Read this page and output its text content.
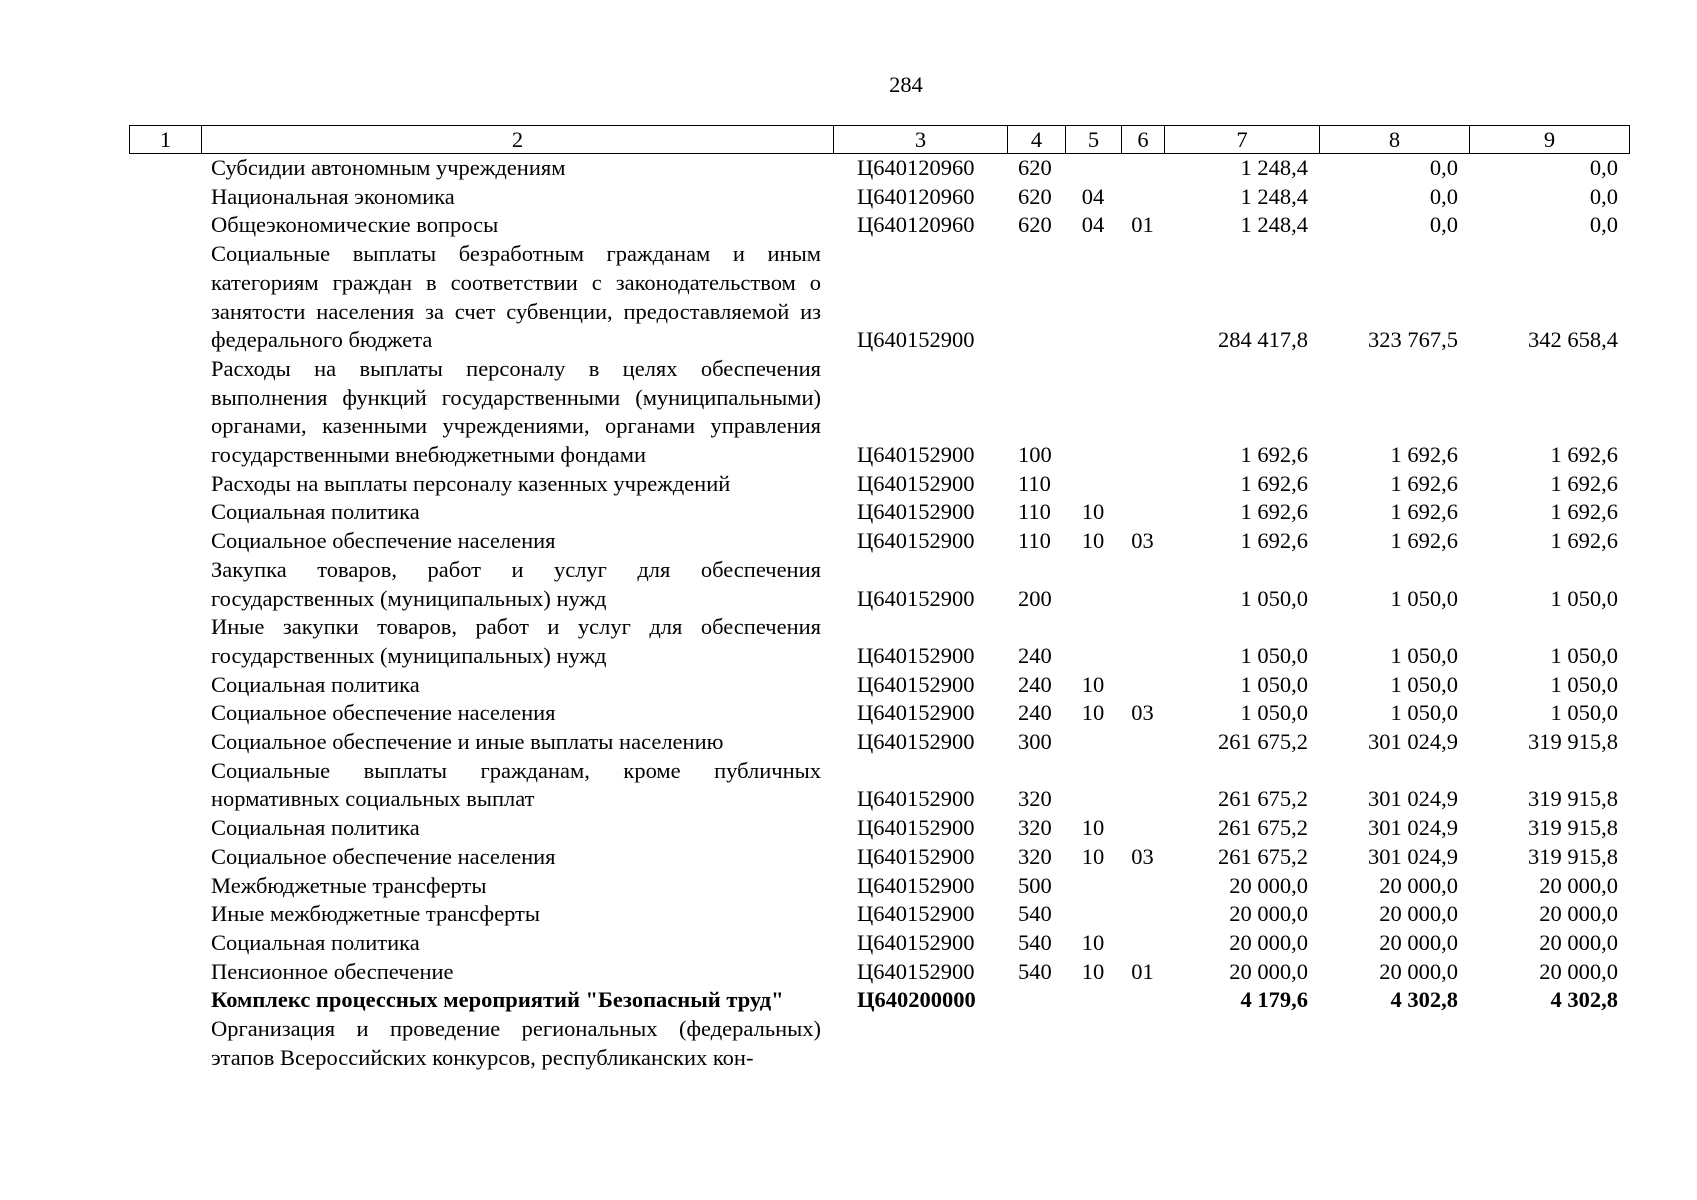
284
1	2	3	4	5	6	7	8	9
Субсидии автономным учреждениям	Ц640120960	620			1 248,4	0,0	0,0
Национальная экономика	Ц640120960	620	04		1 248,4	0,0	0,0
Общеэкономические вопросы	Ц640120960	620	04	01	1 248,4	0,0	0,0
Социальные выплаты безработным гражданам и иным категориям граждан в соответствии с законодательством о занятости населения за счет субвенции, предоставляемой из федерального бюджета	Ц640152900				284 417,8	323 767,5	342 658,4
Расходы на выплаты персоналу в целях обеспечения выполнения функций государственными (муниципальными) органами, казенными учреждениями, органами управления государственными внебюджетными фондами	Ц640152900	100			1 692,6	1 692,6	1 692,6
Расходы на выплаты персоналу казенных учреждений	Ц640152900	110			1 692,6	1 692,6	1 692,6
Социальная политика	Ц640152900	110	10		1 692,6	1 692,6	1 692,6
Социальное обеспечение населения	Ц640152900	110	10	03	1 692,6	1 692,6	1 692,6
Закупка товаров, работ и услуг для обеспечения государственных (муниципальных) нужд	Ц640152900	200			1 050,0	1 050,0	1 050,0
Иные закупки товаров, работ и услуг для обеспечения государственных (муниципальных) нужд	Ц640152900	240			1 050,0	1 050,0	1 050,0
Социальная политика	Ц640152900	240	10		1 050,0	1 050,0	1 050,0
Социальное обеспечение населения	Ц640152900	240	10	03	1 050,0	1 050,0	1 050,0
Социальное обеспечение и иные выплаты населению	Ц640152900	300			261 675,2	301 024,9	319 915,8
Социальные выплаты гражданам, кроме публичных нормативных социальных выплат	Ц640152900	320			261 675,2	301 024,9	319 915,8
Социальная политика	Ц640152900	320	10		261 675,2	301 024,9	319 915,8
Социальное обеспечение населения	Ц640152900	320	10	03	261 675,2	301 024,9	319 915,8
Межбюджетные трансферты	Ц640152900	500			20 000,0	20 000,0	20 000,0
Иные межбюджетные трансферты	Ц640152900	540			20 000,0	20 000,0	20 000,0
Социальная политика	Ц640152900	540	10		20 000,0	20 000,0	20 000,0
Пенсионное обеспечение	Ц640152900	540	10	01	20 000,0	20 000,0	20 000,0
Комплекс процессных мероприятий "Безопасный труд"	Ц640200000				4 179,6	4 302,8	4 302,8
Организация и проведение региональных (федеральных) этапов Всероссийских конкурсов, республиканских кон-							
